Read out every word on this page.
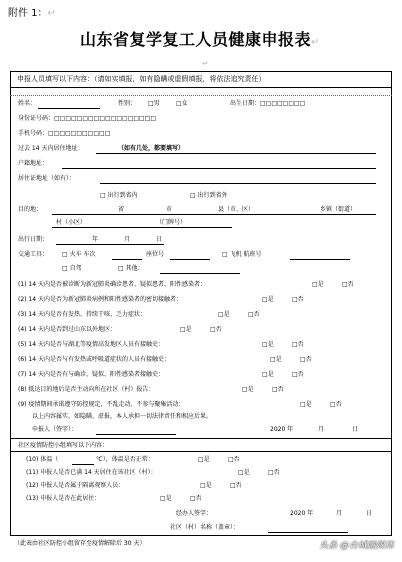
附件 1：↵
山东省复学复工人员健康申报表↵
↵
申报人员填写以下内容：（请如实填报，如有隐瞒或虚假填报，将依法追究责任）
姓名：	性别： □男	□女	出生日期：□□□□□□□□
身份证号码：□□□□□□□□□□□□□□□□□□
手机号码：□□□□□□□□□□□
过去 14 天内居住地址：	（如有几处，都要填写）
户籍地址：
居住证地址（如有）：
□ 出行到省内	□ 出行到省外
目的地：	省	市	县（市、区）	乡镇（街道）
村（小区）	（门牌号）
出行日期：	年	月	日
交通工具： □ 火车 车次	座位号	□ 飞机 航班号
□ 自驾	□ 其他：
(1) 14 天内是否被诊断为新冠肺炎确诊患者、疑似患者、阳性感染者：	□是	□否
(2) 14 天内是否为新冠肺炎病例和阳性感染者的密切接触者：	□是	□否
(3) 14 天内是否有发热、持续干咳、乏力症状：	□是	□否
(4) 14 天内是否到过山东以外地区：	□是	□否
(5) 14 天内是否与湖北等疫情高发地区人员有接触史：	□是	□否
(6) 14 天内是否与有发热或呼吸道症状的人员有接触史：	□是	□否
(7) 14 天内是否有与确诊、疑似、阳性感染者接触史：	□是	□否
(8) 抵达目的地后是否主动向所在社区（村）报告：	□是	□否
(9) 疫情期间承诺遵守防控规定，不乱走动、不参与聚集活动：	□是	□否
以上内容属实，如隐瞒、虚报，本人承担一切法律责任和相应后果。
申报人（签字）：	2020 年	月	日
社区疫情防控小组填写以下内容：
(10) 体温（	℃），体温是否正常：	□是	□否
(11) 申报人是否已满 14 天居住在该社区（村）：	□是	□否
(12) 申报人是否属于隔离观察人员：	□是	□否
(13) 申报人是否在此居住：	□是	□否
经办人签字：	2020 年	月	日
社区（村）名称（盖章）：
（此表由社区防控小组留存至疫情解除后 30 天）	头条 @台城融媒体
